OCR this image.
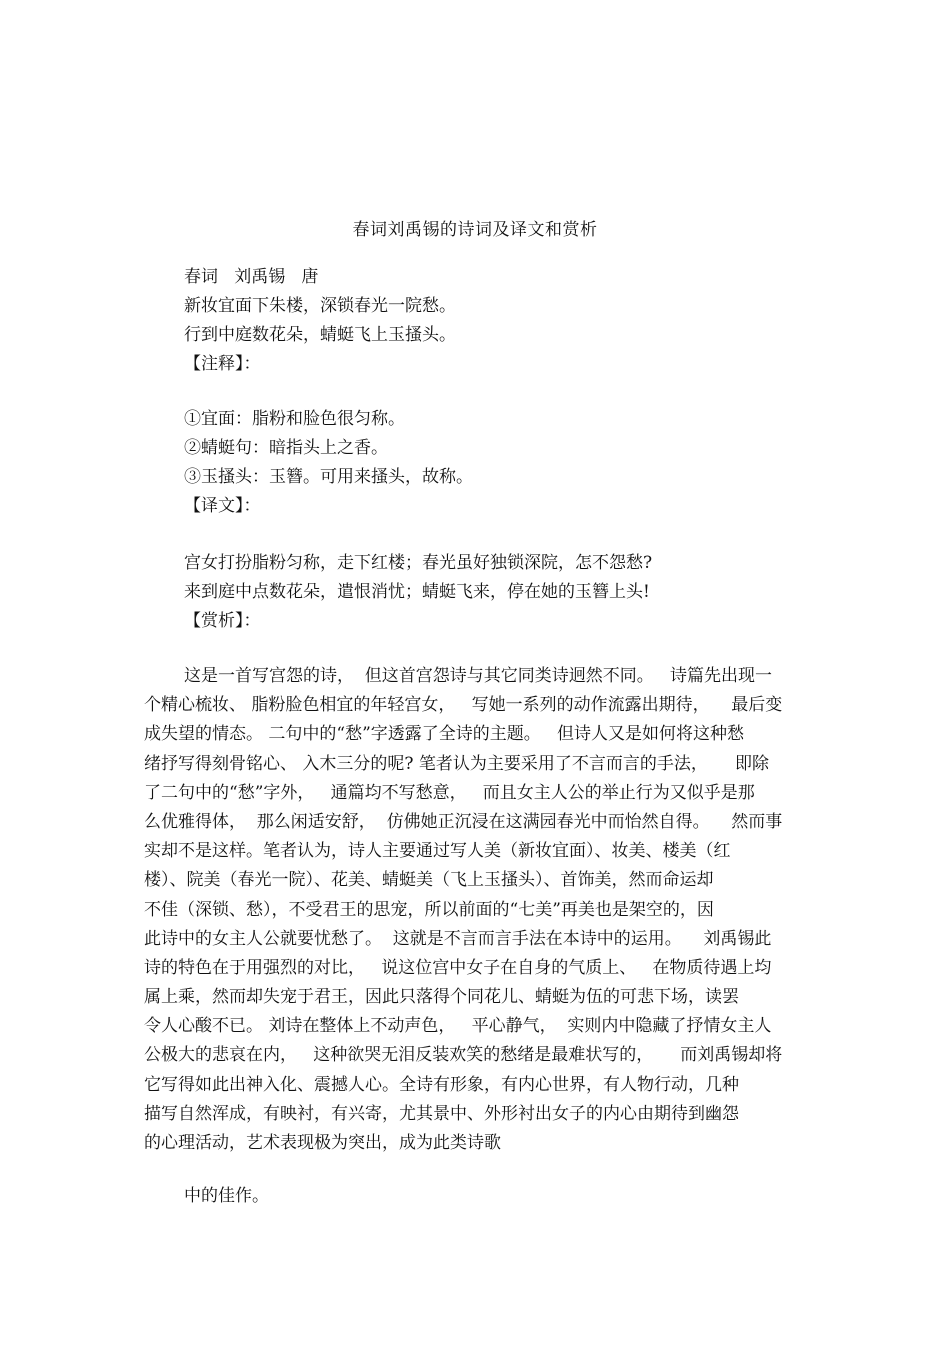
春词刘禹锡的诗词及译文和赏析
春词   刘禹锡   唐
新妆宜面下朱楼，深锁春光一院愁。
行到中庭数花朵，蜻蜓飞上玉搔头。
【注释】：
①宜面：脂粉和脸色很匀称。
②蜻蜓句：暗指头上之香。
③玉搔头：玉簪。可用来搔头，故称。
【译文】：
宫女打扮脂粉匀称，走下红楼；春光虽好独锁深院，怎不怨愁?
来到庭中点数花朵，遣恨消忧；蜻蜓飞来，停在她的玉簪上头!
【赏析】：
这是一首写宫怨的诗，  但这首宫怨诗与其它同类诗迥然不同。   诗篇先出现一
个精心梳妆、 脂粉脸色相宜的年轻宫女，   写她一系列的动作流露出期待，    最后变
成失望的情态。 二句中的“愁”字透露了全诗的主题。   但诗人又是如何将这种愁
绪抒写得刻骨铭心、 入木三分的呢? 笔者认为主要采用了不言而言的手法，     即除
了二句中的“愁”字外，   通篇均不写愁意，   而且女主人公的举止行为又似乎是那
么优雅得体，  那么闲适安舒，  仿佛她正沉浸在这满园春光中而怡然自得。    然而事
实却不是这样。笔者认为，诗人主要通过写人美（新妆宜面）、妆美、楼美（红
楼）、院美（春光一院）、花美、蜻蜓美（飞上玉搔头）、首饰美，然而命运却
不佳（深锁、愁），不受君王的思宠，所以前面的“七美”再美也是架空的，因
此诗中的女主人公就要忧愁了。  这就是不言而言手法在本诗中的运用。    刘禹锡此
诗的特色在于用强烈的对比，   说这位宫中女子在自身的气质上、   在物质待遇上均
属上乘，然而却失宠于君王，因此只落得个同花儿、蜻蜓为伍的可悲下场，读罢
令人心酸不已。 刘诗在整体上不动声色，   平心静气，  实则内中隐藏了抒情女主人
公极大的悲哀在内，   这种欲哭无泪反装欢笑的愁绪是最难状写的，     而刘禹锡却将
它写得如此出神入化、震撼人心。全诗有形象，有内心世界，有人物行动，几种
描写自然浑成，有映衬，有兴寄，尤其景中、外形衬出女子的内心由期待到幽怨
的心理活动，艺术表现极为突出，成为此类诗歌
中的佳作。
